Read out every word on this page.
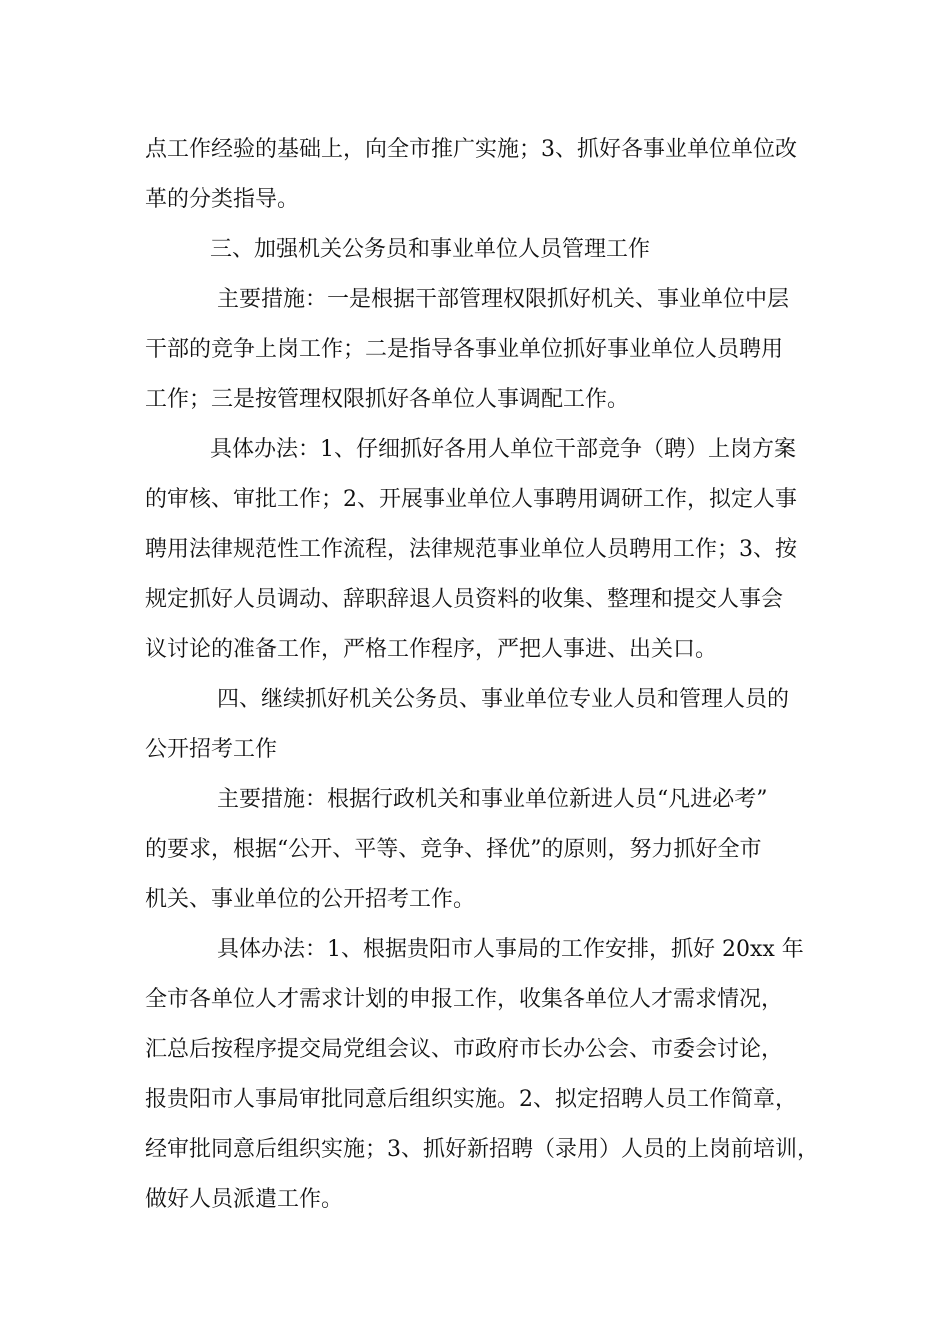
点工作经验的基础上，向全市推广实施；3、抓好各事业单位单位改

革的分类指导。

三、加强机关公务员和事业单位人员管理工作

主要措施：一是根据干部管理权限抓好机关、事业单位中层

干部的竞争上岗工作；二是指导各事业单位抓好事业单位人员聘用

工作；三是按管理权限抓好各单位人事调配工作。

具体办法：1、仔细抓好各用人单位干部竞争（聘）上岗方案

的审核、审批工作；2、开展事业单位人事聘用调研工作，拟定人事

聘用法律规范性工作流程，法律规范事业单位人员聘用工作；3、按

规定抓好人员调动、辞职辞退人员资料的收集、整理和提交人事会

议讨论的准备工作，严格工作程序，严把人事进、出关口。

四、继续抓好机关公务员、事业单位专业人员和管理人员的

公开招考工作

主要措施：根据行政机关和事业单位新进人员“凡进必考”

的要求，根据“公开、平等、竞争、择优”的原则，努力抓好全市

机关、事业单位的公开招考工作。

具体办法：1、根据贵阳市人事局的工作安排，抓好 20xx 年

全市各单位人才需求计划的申报工作，收集各单位人才需求情况，

汇总后按程序提交局党组会议、市政府市长办公会、市委会讨论，

报贵阳市人事局审批同意后组织实施。2、拟定招聘人员工作简章，

经审批同意后组织实施；3、抓好新招聘（录用）人员的上岗前培训，

做好人员派遣工作。
